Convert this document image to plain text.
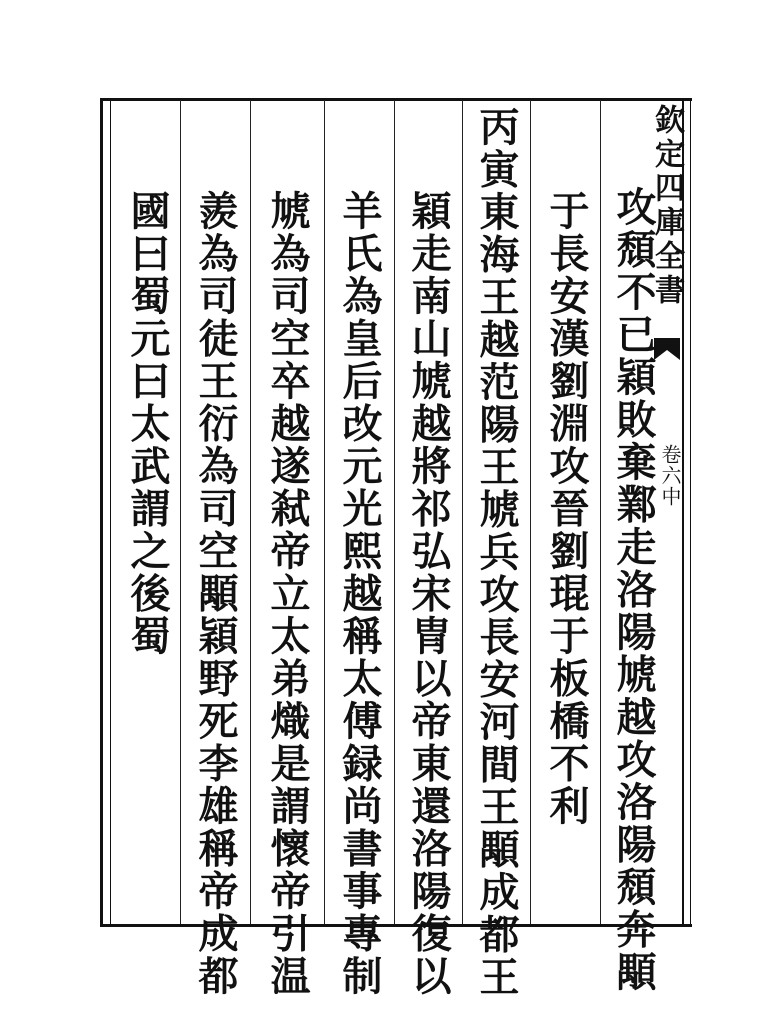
欽定四庫全書
卷六中
攻頹不已穎敗棄鄴走洛陽虓越攻洛陽頹奔顒
于長安漢劉淵攻晉劉琨于板橋不利
丙寅東海王越范陽王虓兵攻長安河間王顒成都王
穎走南山虓越將祁弘宋冑以帝東還洛陽復以
羊氏為皇后改元光熙越稱太傅録尚書事專制
虓為司空卒越遂弒帝立太弟熾是謂懷帝引温
羨為司徒王衍為司空顒穎野死李雄稱帝成都
國曰蜀元曰太武謂之後蜀
